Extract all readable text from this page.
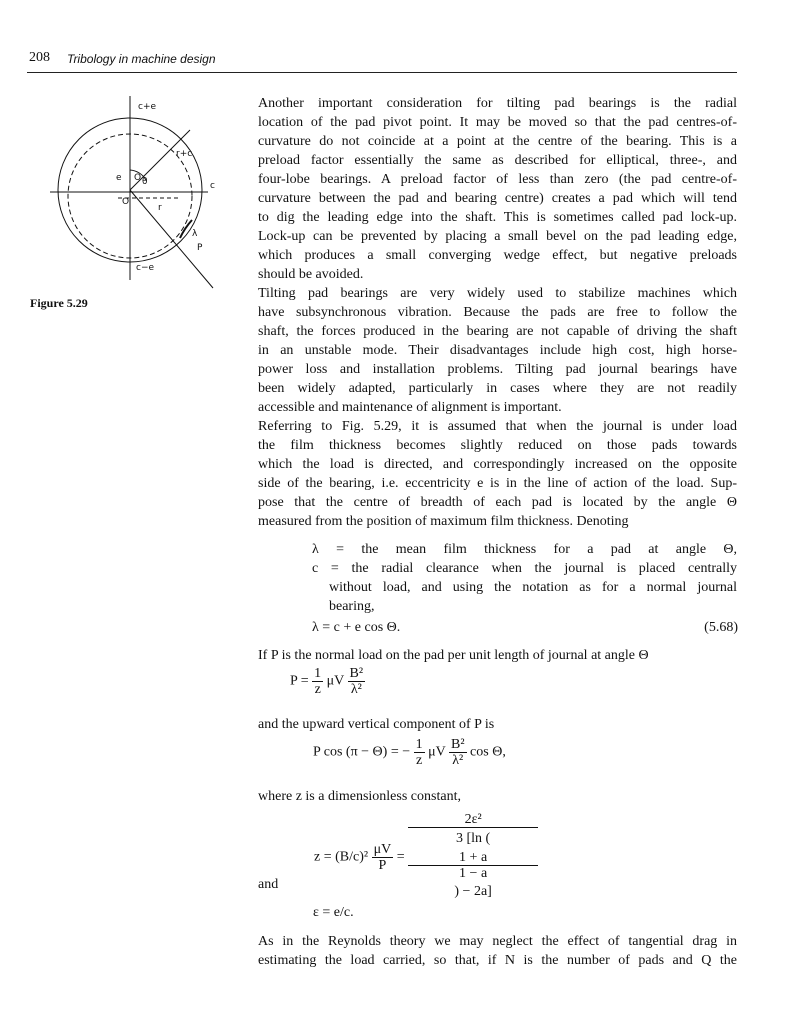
208 Tribology in machine design
c+e
e O
O
r+c
θ
r
c
λ
P
c−e
Figure 5.29
Another important consideration for tilting pad bearings is the radial
location of the pad pivot point. It may be moved so that the pad centres-of-
curvature do not coincide at a point at the centre of the bearing. This is a
preload factor essentially the same as described for elliptical, three-, and
four-lobe bearings. A preload factor of less than zero (the pad centre-of-
curvature between the pad and bearing centre) creates a pad which will tend
to dig the leading edge into the shaft. This is sometimes called pad lock-up.
Lock-up can be prevented by placing a small bevel on the pad leading edge,
which produces a small converging wedge effect, but negative preloads
should be avoided.
Tilting pad bearings are very widely used to stabilize machines which
have subsynchronous vibration. Because the pads are free to follow the
shaft, the forces produced in the bearing are not capable of driving the shaft
in an unstable mode. Their disadvantages include high cost, high horse-
power loss and installation problems. Tilting pad journal bearings have
been widely adapted, particularly in cases where they are not readily
accessible and maintenance of alignment is important.
Referring to Fig. 5.29, it is assumed that when the journal is under load
the film thickness becomes slightly reduced on those pads towards
which the load is directed, and correspondingly increased on the opposite
side of the bearing, i.e. eccentricity e is in the line of action of the load. Sup-
pose that the centre of breadth of each pad is located by the angle Θ
measured from the position of maximum film thickness. Denoting
λ = the mean film thickness for a pad at angle Θ,
c = the radial clearance when the journal is placed centrally
without load, and using the notation as for a normal journal
bearing,
λ = c + e cos Θ.	(5.68)
If P is the normal load on the pad per unit length of journal at angle Θ
$P = \frac{1}{z}$ μV $\frac{\text{B²}}{\text{λ²}}$
and the upward vertical component of P is
P cos (π − Θ) = − $\frac{1}{z}$ μV $\frac{\text{B²}}{\text{λ²}}$ cos Θ,
where z is a dimensionless constant,
$z = (B/c)^2 \frac{\mu V}{P} = 2\varepsilon^2$
3 [ln (
1 + a
1 − a
) − 2a]
and
ε = e/c.
As in the Reynolds theory we may neglect the effect of tangential drag in
estimating the load carried, so that, if N is the number of pads and Q the
